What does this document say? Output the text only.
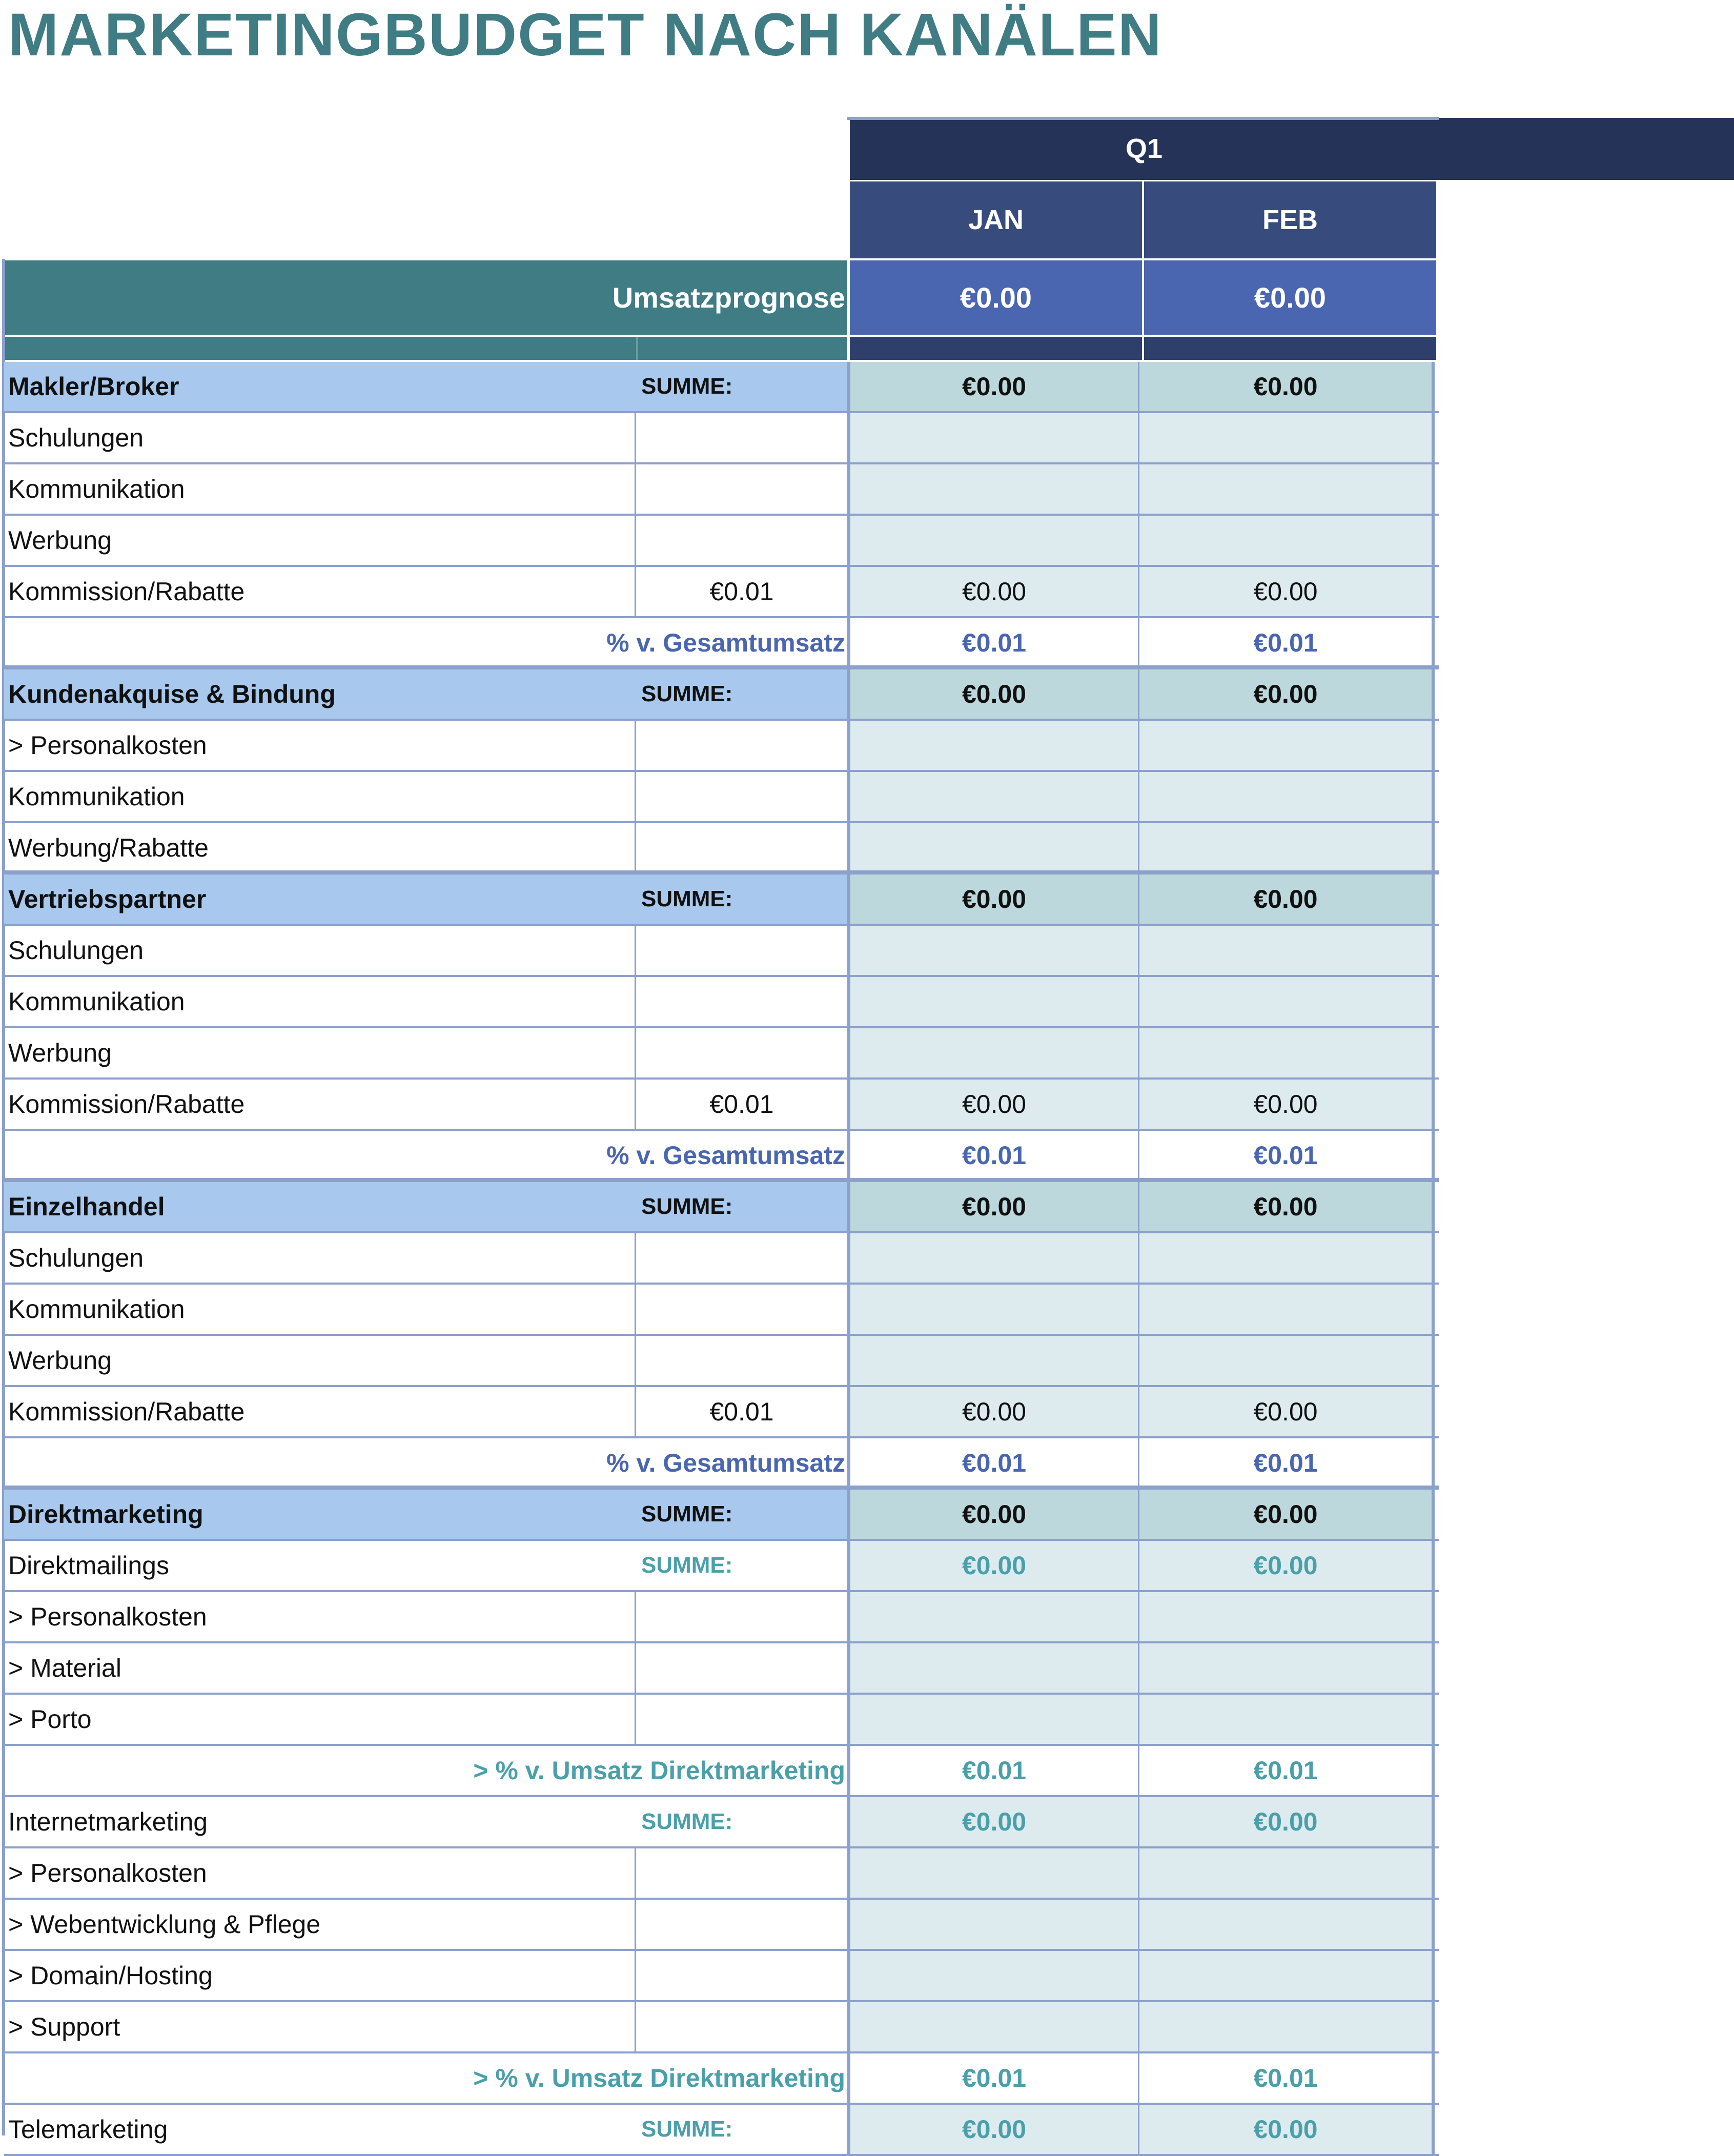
MARKETINGBUDGET NACH KANÄLEN
Q1
JAN	FEB
Umsatzprognose	€0.00	€0.00
Makler/Broker	SUMME:	€0.00	€0.00
Schulungen
Kommunikation
Werbung
Kommission/Rabatte	€0.01	€0.00	€0.00
% v. Gesamtumsatz	€0.01	€0.01
Kundenakquise & Bindung	SUMME:	€0.00	€0.00
> Personalkosten
Kommunikation
Werbung/Rabatte
Vertriebspartner	SUMME:	€0.00	€0.00
Schulungen
Kommunikation
Werbung
Kommission/Rabatte	€0.01	€0.00	€0.00
% v. Gesamtumsatz	€0.01	€0.01
Einzelhandel	SUMME:	€0.00	€0.00
Schulungen
Kommunikation
Werbung
Kommission/Rabatte	€0.01	€0.00	€0.00
% v. Gesamtumsatz	€0.01	€0.01
Direktmarketing	SUMME:	€0.00	€0.00
Direktmailings	SUMME:	€0.00	€0.00
> Personalkosten
> Material
> Porto
> % v. Umsatz Direktmarketing	€0.01	€0.01
Internetmarketing	SUMME:	€0.00	€0.00
> Personalkosten
> Webentwicklung & Pflege
> Domain/Hosting
> Support
> % v. Umsatz Direktmarketing	€0.01	€0.01
Telemarketing	SUMME:	€0.00	€0.00
